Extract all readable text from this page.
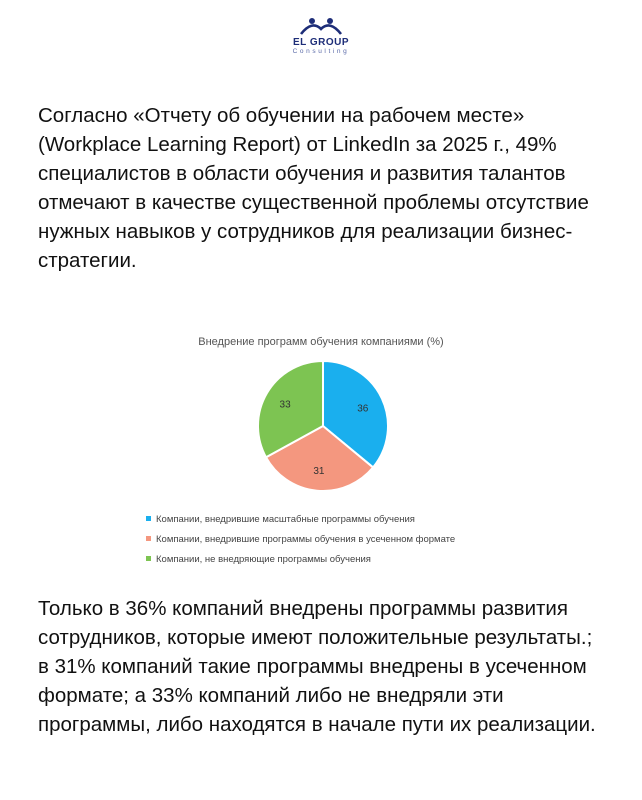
EL GROUP
Consulting

Согласно «Отчету об обучении на рабочем месте» (Workplace Learning Report) от LinkedIn за 2025 г., 49% специалистов в области обучения и развития талантов отмечают в качестве существенной проблемы отсутствие нужных навыков у сотрудников для реализации бизнес-стратегии.

Внедрение программ обучения компаниями (%)
36
31
33
Компании, внедрившие масштабные программы обучения
Компании, внедрившие программы обучения в усеченном формате
Компании, не внедряющие программы обучения

Только в 36% компаний внедрены программы развития сотрудников, которые имеют положительные результаты.; в 31% компаний такие программы внедрены в усеченном формате; а 33% компаний либо не внедряли эти программы, либо находятся в начале пути их реализации.
